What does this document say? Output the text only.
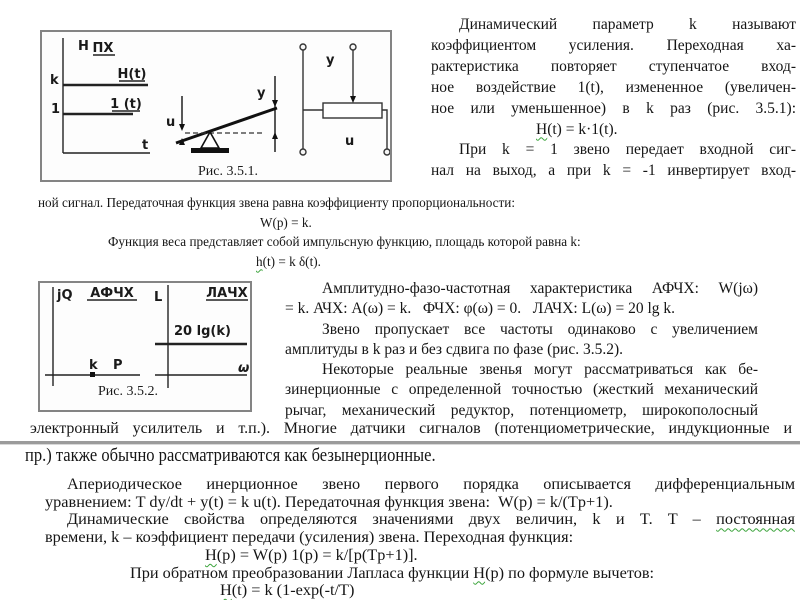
H ПХ
k	H(t)
1	1 (t)
t
u
y
y
u
Рис. 3.5.1.
jQ АФЧХ
k P
L	ЛАЧХ
20 lg(k)
ω
Рис. 3.5.2.
Динамический параметр k называют
коэффициентом усиления. Переходная ха-
рактеристика повторяет ступенчатое вход-
ное воздействие 1(t), измененное (увеличен-
ное или уменьшенное) в k раз (рис. 3.5.1):
H(t) = k·1(t).
При k = 1 звено передает входной сиг-
нал на выход, а при k = -1 инвертирует вход-
ной сигнал. Передаточная функция звена равна коэффициенту пропорциональности:
W(p) = k.
Функция веса представляет собой импульсную функцию, площадь которой равна k:
h(t) = k δ(t).
Амплитудно-фазо-частотная характеристика АФЧХ: W(jω)
= k. АЧХ: A(ω) = k.   ФЧХ: φ(ω) = 0.   ЛАЧХ: L(ω) = 20 lg k.
Звено пропускает все частоты одинаково с увеличением
амплитуды в k раз и без сдвига по фазе (рис. 3.5.2).
Некоторые реальные звенья могут рассматриваться как бе-
зинерционные с определенной точностью (жесткий механический
рычаг, механический редуктор, потенциометр, широкополосный
электронный усилитель и т.п.). Многие датчики сигналов (потенциометрические, индукционные и
пр.) также обычно рассматриваются как безынерционные.
Апериодическое инерционное звено первого порядка описывается дифференциальным
уравнением: T dy/dt + y(t) = k u(t). Передаточная функция звена:  W(p) = k/(Tp+1).
Динамические свойства определяются значениями двух величин, k и T. T – постоянная
времени, k – коэффициент передачи (усиления) звена. Переходная функция:
H(p) = W(p) 1(p) = k/[p(Tp+1)].
При обратном преобразовании Лапласа функции H(p) по формуле вычетов:
H(t) = k (1-exp(-t/T)
